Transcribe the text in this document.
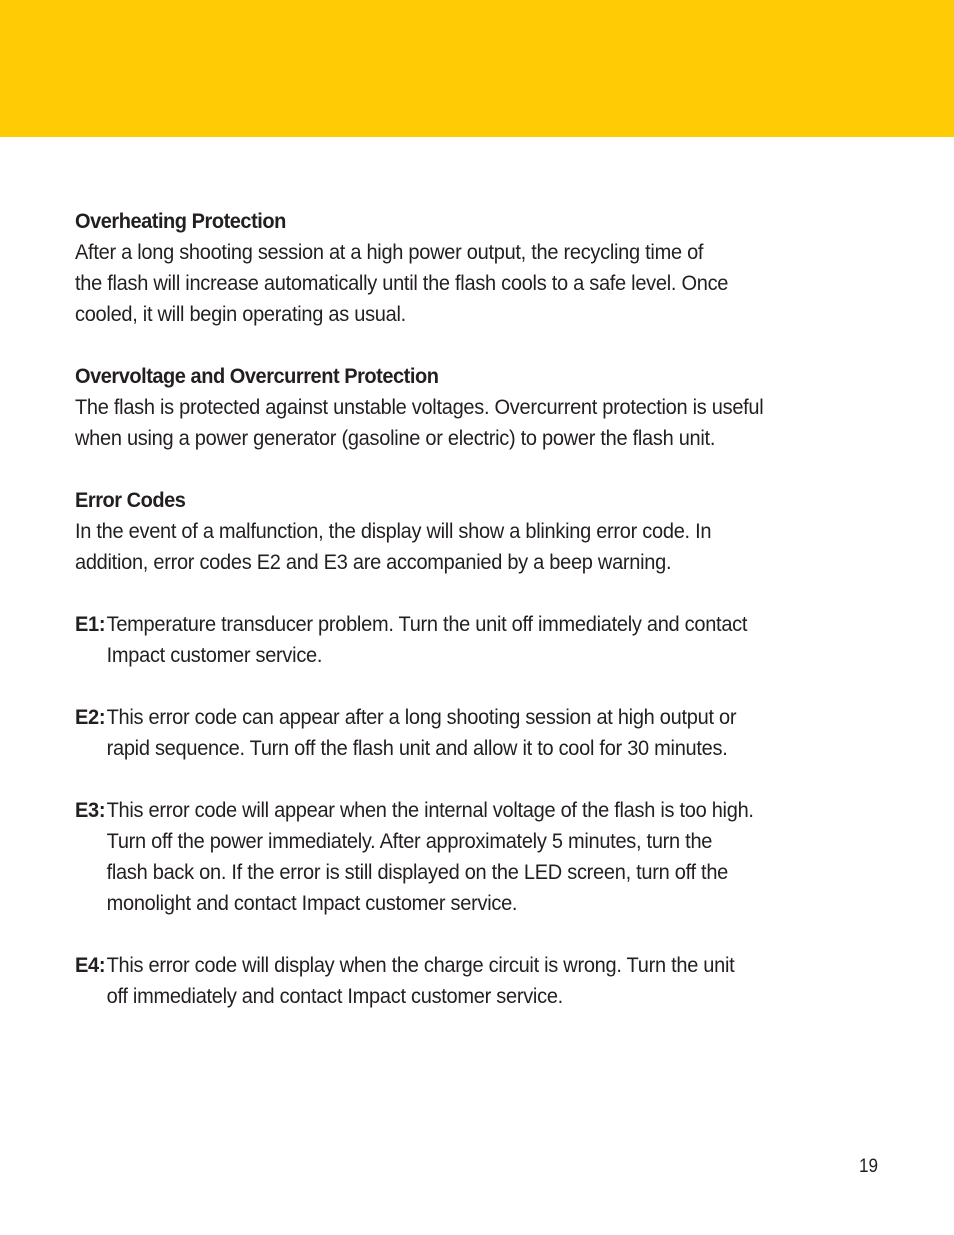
Overheating Protection
After a long shooting session at a high power output, the recycling time of
the flash will increase automatically until the flash cools to a safe level. Once
cooled, it will begin operating as usual.
Overvoltage and Overcurrent Protection
The flash is protected against unstable voltages. Overcurrent protection is useful
when using a power generator (gasoline or electric) to power the flash unit.
Error Codes
In the event of a malfunction, the display will show a blinking error code. In
addition, error codes E2 and E3 are accompanied by a beep warning.
E1:Temperature transducer problem. Turn the unit off immediately and contact
Impact customer service.
E2:This error code can appear after a long shooting session at high output or
rapid sequence. Turn off the flash unit and allow it to cool for 30 minutes.
E3:This error code will appear when the internal voltage of the flash is too high.
Turn off the power immediately. After approximately 5 minutes, turn the
flash back on. If the error is still displayed on the LED screen, turn off the
monolight and contact Impact customer service.
E4:This error code will display when the charge circuit is wrong. Turn the unit
off immediately and contact Impact customer service.
19
